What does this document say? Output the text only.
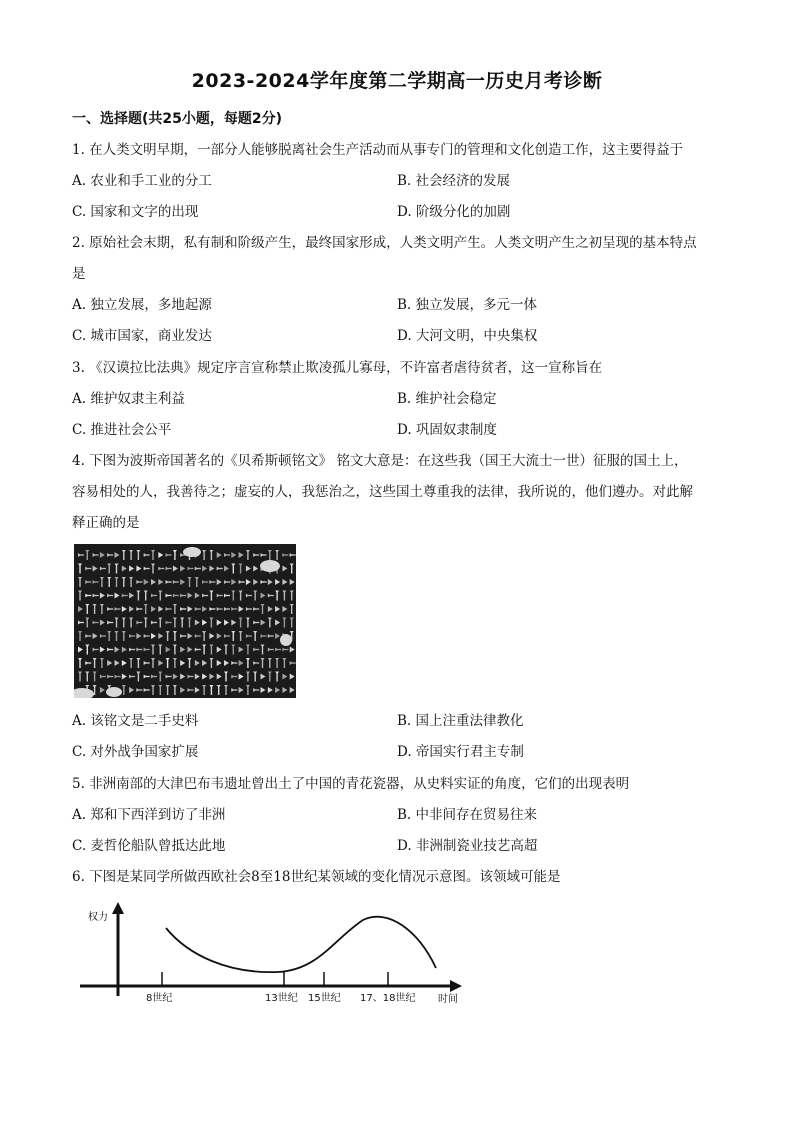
2023-2024学年度第二学期高一历史月考诊断
一、选择题(共25小题，每题2分)
1. 在人类文明早期，一部分人能够脱离社会生产活动而从事专门的管理和文化创造工作，这主要得益于
A. 农业和手工业的分工	B. 社会经济的发展
C. 国家和文字的出现	D. 阶级分化的加剧
2. 原始社会末期，私有制和阶级产生，最终国家形成，人类文明产生。人类文明产生之初呈现的基本特点
是
A. 独立发展，多地起源	B. 独立发展，多元一体
C. 城市国家，商业发达	D. 大河文明，中央集权
3. 《汉谟拉比法典》规定序言宣称禁止欺凌孤儿寡母，不许富者虐待贫者，这一宣称旨在
A. 维护奴隶主利益	B. 维护社会稳定
C. 推进社会公平	D. 巩固奴隶制度
4. 下图为波斯帝国著名的《贝希斯顿铭文》 铭文大意是：在这些我（国王大流士一世）征服的国土上，
容易相处的人，我善待之；虚妄的人，我惩治之，这些国土尊重我的法律，我所说的，他们遵办。对此解
释正确的是
A. 该铭文是二手史料	B. 国上注重法律教化
C. 对外战争国家扩展	D. 帝国实行君主专制
5. 非洲南部的大津巴布韦遗址曾出土了中国的青花瓷器，从史料实证的角度，它们的出现表明
A. 郑和下西洋到访了非洲	B. 中非间存在贸易往来
C. 麦哲伦船队曾抵达此地	D. 非洲制瓷业技艺高超
6. 下图是某同学所做西欧社会8至18世纪某领域的变化情况示意图。该领域可能是
权力
时间
8世纪	13世纪 15世纪 17、18世纪
